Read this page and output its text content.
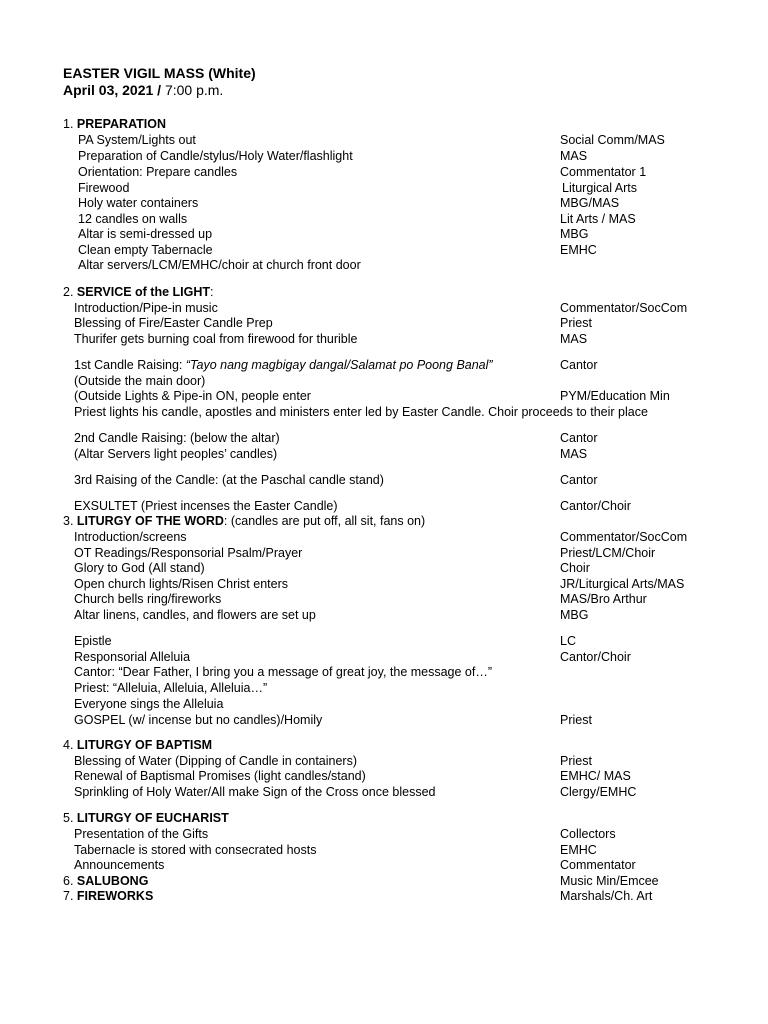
EASTER VIGIL MASS (White)
April 03, 2021 / 7:00 p.m.
1. PREPARATION
PA System/Lights out	Social Comm/MAS
Preparation of Candle/stylus/Holy Water/flashlight	MAS
Orientation: Prepare candles	Commentator 1
Firewood	Liturgical Arts
Holy water containers	MBG/MAS
12 candles on walls	Lit Arts / MAS
Altar is semi-dressed up	MBG
Clean empty Tabernacle	EMHC
Altar servers/LCM/EMHC/choir at church front door
2. SERVICE of the LIGHT:
Introduction/Pipe-in music	Commentator/SocCom
Blessing of Fire/Easter Candle Prep	Priest
Thurifer gets burning coal from firewood for thurible	MAS
1st Candle Raising: “Tayo nang magbigay dangal/Salamat po Poong Banal”	Cantor
(Outside the main door)
(Outside Lights & Pipe-in ON, people enter	PYM/Education Min
Priest lights his candle, apostles and ministers enter led by Easter Candle. Choir proceeds to their place
2nd Candle Raising: (below the altar)	Cantor
(Altar Servers light peoples’ candles)	MAS
3rd Raising of the Candle: (at the Paschal candle stand)	Cantor
EXSULTET (Priest incenses the Easter Candle)	Cantor/Choir
3. LITURGY OF THE WORD: (candles are put off, all sit, fans on)
Introduction/screens	Commentator/SocCom
OT Readings/Responsorial Psalm/Prayer	Priest/LCM/Choir
Glory to God (All stand)	Choir
Open church lights/Risen Christ enters	JR/Liturgical Arts/MAS
Church bells ring/fireworks	MAS/Bro Arthur
Altar linens, candles, and flowers are set up	MBG
Epistle	LC
Responsorial Alleluia	Cantor/Choir
Cantor: “Dear Father, I bring you a message of great joy, the message of…”
Priest: “Alleluia, Alleluia, Alleluia…”
Everyone sings the Alleluia
GOSPEL (w/ incense but no candles)/Homily	Priest
4. LITURGY OF BAPTISM
Blessing of Water (Dipping of Candle in containers)	Priest
Renewal of Baptismal Promises (light candles/stand)	EMHC/ MAS
Sprinkling of Holy Water/All make Sign of the Cross once blessed	Clergy/EMHC
5. LITURGY OF EUCHARIST
Presentation of the Gifts	Collectors
Tabernacle is stored with consecrated hosts	EMHC
Announcements	Commentator
6. SALUBONG	Music Min/Emcee
7. FIREWORKS	Marshals/Ch. Art
